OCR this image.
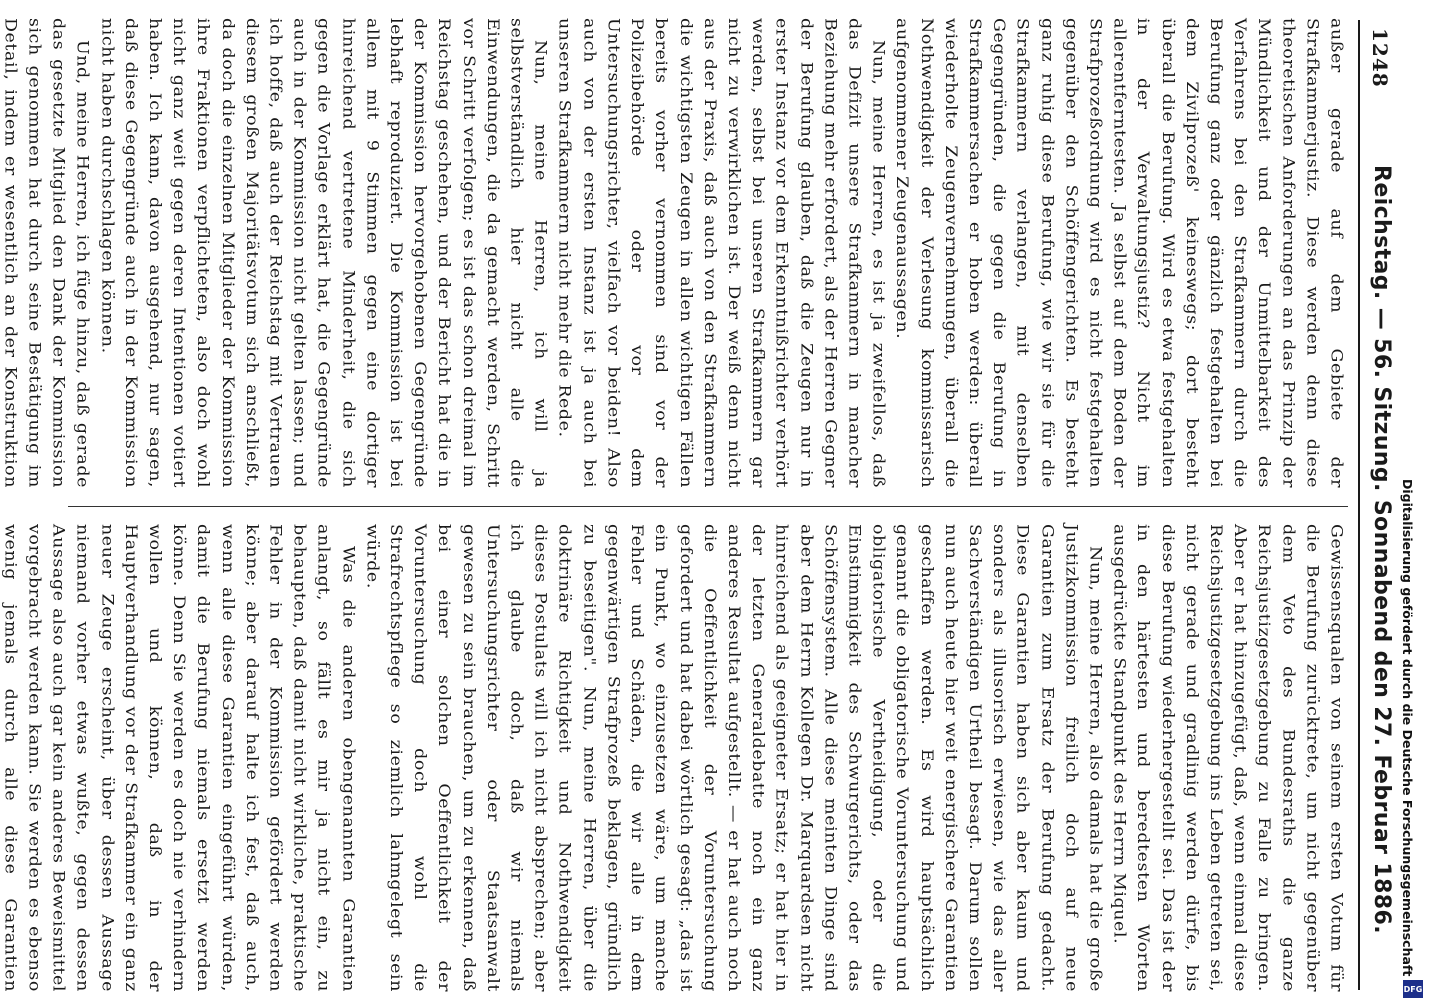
1248
Reichstag. — 56. Sitzung. Sonnabend den 27. Februar 1886.

außer gerade auf dem Gebiete der Strafkammerjustiz. Diese werden denn diese theoretischen Anforderungen an das Prinzip der Mündlichkeit und der Unmittelbarkeit des Verfahrens bei den Strafkammern durch die Berufung ganz oder gänzlich festgehalten bei dem Zivilprozeß' keineswegs; dort besteht überall die Berufung. Wird es etwa festgehalten in der Verwaltungsjustiz? Nicht im allerentferntesten. Ja selbst auf dem Boden der Strafprozeßordnung wird es nicht festgehalten gegenüber den Schöffengerichten. Es besteht ganz ruhig diese Berufung, wie wir sie für die Strafkammern verlangen, mit denselben Gegengründen, die gegen die Berufung in Strafkammersachen er hoben werden: überall wiederholte Zeugenvernehmungen, überall die Nothwendigkeit der Verlesung kommissarisch aufgenommener Zeugenaussagen.

Nun, meine Herren, es ist ja zweifellos, daß das Defizit unsere Strafkammern in mancher Beziehung mehr erfordert, als der Herren Gegner der Berufung glauben, daß die Zeugen nur in erster Instanz vor dem Erkenntnißrichter verhört werden, selbst bei unseren Strafkammern gar nicht zu verwirklichen ist. Der weiß denn nicht aus der Praxis, daß auch von den Strafkammern die wichtigsten Zeugen in allen wichtigen Fällen bereits vorher vernommen sind vor der Polizeibehörde oder vor dem Untersuchungsrichter, vielfach vor beiden! Also auch von der ersten Instanz ist ja auch bei unseren Strafkammern nicht mehr die Rede.

Nun, meine Herren, ich will ja selbstverständlich hier nicht alle die Einwendungen, die da gemacht werden, Schritt vor Schritt verfolgen; es ist das schon dreimal im Reichstag geschehen, und der Bericht hat die in der Kommission hervorgehobenen Gegengründe lebhaft reproduziert. Die Kommission ist bei allem mit 9 Stimmen gegen eine dortiger hinreichend vertretene Minderheit, die sich gegen die Vorlage erklärt hat, die Gegengründe auch in der Kommission nicht gelten lassen; und ich hoffe, daß auch der Reichstag mit Vertrauen diesem großen Majoritätsvotum sich anschließt, da doch die einzelnen Mitglieder der Kommission ihre Fraktionen verpflichteten, also doch wohl nicht ganz weit gegen deren Intentionen votiert haben. Ich kann, davon ausgehend, nur sagen, daß diese Gegengründe auch in der Kommission nicht haben durchschlagen können.

Und, meine Herren, ich füge hinzu, daß gerade das gesetzte Mitglied den Dank der Kommission sich genommen hat durch seine Bestätigung im Detail, indem er wesentlich an der Konstruktion

Gewissensqualen von seinem ersten Votum für die Berufung zurücktrete, um nicht gegenüber dem Veto des Bundesraths die ganze Reichsjustizgesetzgebung zu Falle zu bringen. Aber er hat hinzugefügt, daß, wenn einmal diese Reichsjustizgesetzgebung ins Leben getreten sei, nicht gerade und gradlinig werden dürfe, bis diese Berufung wiederhergestellt sei. Das ist der in den härtesten und beredtesten Worten ausgedrückte Standpunkt des Herrn Miquel.

Nun, meine Herren, also damals hat die große Justizkommission freilich doch auf neue Garantien zum Ersatz der Berufung gedacht. Diese Garantien haben sich aber kaum und sonders als illusorisch erwiesen, wie das aller Sachverständigen Urtheil besagt. Darum sollen nun auch heute hier weit energischere Garantien geschaffen werden. Es wird hauptsächlich genannt die obligatorische Voruntersuchung und obligatorische Vertheidigung, oder die Einstimmigkeit des Schwurgerichts, oder das Schöffensystem. Alle diese meinten Dinge sind aber dem Herrn Kollegen Dr. Marquardsen nicht hinreichend als geeigneter Ersatz; er hat hier in der letzten Generaldebatte noch ein ganz anderes Resultat aufgestellt. — er hat auch noch die Oeffentlichkeit der Voruntersuchung gefordert und hat dabei wörtlich gesagt: „das ist ein Punkt, wo einzusetzen wäre, um manche Fehler und Schäden, die wir alle in dem gegenwärtigen Strafprozeß beklagen, gründlich zu beseitigen". Nun, meine Herren, über die doktrinäre Richtigkeit und Nothwendigkeit dieses Postulats will ich nicht absprechen; aber ich glaube doch, daß wir niemals Untersuchungsrichter oder Staatsanwalt gewesen zu sein brauchen, um zu erkennen, daß bei einer solchen Oeffentlichkeit der Voruntersuchung doch wohl die Strafrechtspflege so ziemlich lahmgelegt sein würde.

Was die anderen obengenannten Garantien anlangt, so fällt es mir ja nicht ein, zu behaupten, daß damit nicht wirkliche, praktische Fehler in der Kommission gefördert werden könne; aber darauf halte ich fest, daß auch, wenn alle diese Garantien eingeführt würden, damit die Berufung niemals ersetzt werden könne. Denn Sie werden es doch nie verhindern wollen und können, daß in der Hauptverhandlung vor der Strafkammer ein ganz neuer Zeuge erscheint, über dessen Aussage niemand vorher etwas wußte, gegen dessen Aussage also auch gar kein anderes Beweismittel vorgebracht werden kann. Sie werden es ebenso wenig jemals durch alle diese Garantien	Digitalisierung gefördert durch die Deutsche Forschungsgemeinschaft
DFG
